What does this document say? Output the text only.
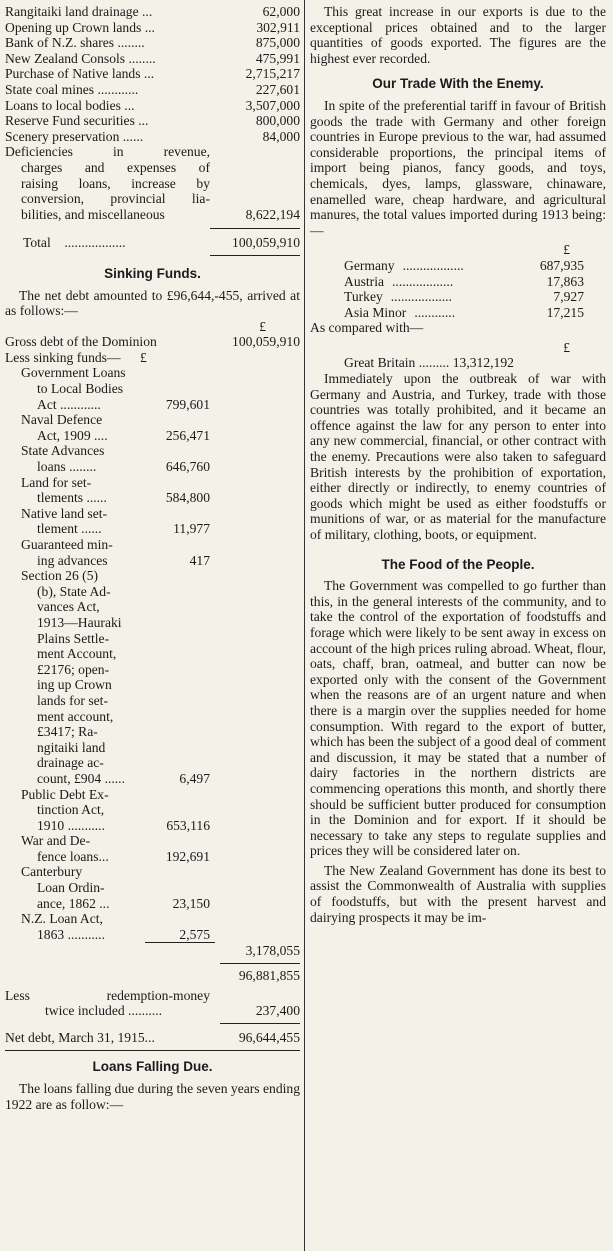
Rangitaiki land drainage ...	62,000
Opening up Crown lands ...	302,911
Bank of N.Z. shares ........	875,000
New Zealand Consols ........	475,991
Purchase of Native lands ...	2,715,217
State coal mines ............	227,601
Loans to local bodies ...	3,507,000
Reserve Fund securities ...	800,000
Scenery preservation ......	84,000
Deficiencies in revenue,
charges and expenses of
raising loans, increase by
conversion, provincial lia-
bilities, and miscellaneous	8,622,194
Total ..................	100,059,910
Sinking Funds.

The net debt amounted to £96,644,-455, arrived at as follows:—

£
Gross debt of the Dominion	100,059,910
Less sinking funds— £
Government Loans
to Local Bodies
Act ............	799,601
Naval Defence
Act, 1909 ....	256,471
State Advances
loans ........	646,760
Land for set-
tlements ......	584,800
Native land set-
tlement ......	11,977
Guaranteed min-
ing advances	417
Section 26 (5)
(b), State Ad-
vances Act,
1913—Hauraki
Plains Settle-
ment Account,
£2176; open-
ing up Crown
lands for set-
ment account,
£3417; Ra-
ngitaiki land
drainage ac-
count, £904 ......	6,497
Public Debt Ex-
tinction Act,
1910 ...........	653,116
War and De-
fence loans...	192,691
Canterbury
Loan Ordin-
ance, 1862 ...	23,150
N.Z. Loan Act,
1863 ...........	2,575
3,178,055
96,881,855
Less redemption-money
twice included ..........	237,400
Net debt, March 31, 1915...	96,644,455
Loans Falling Due.

The loans falling due during the seven years ending 1922 are as follow:—

This great increase in our exports is due to the exceptional prices obtained and to the larger quantities of goods exported. The figures are the highest ever recorded.

Our Trade With the Enemy.

In spite of the preferential tariff in favour of British goods the trade with Germany and other foreign countries in Europe previous to the war, had assumed considerable proportions, the principal items of import being pianos, fancy goods, and toys, chemicals, dyes, lamps, glassware, chinaware, enamelled ware, cheap hardware, and agricultural manures, the total values imported during 1913 being:—

£
Germany ..................	687,935
Austria ..................	17,863
Turkey ..................	7,927
Asia Minor ............	17,215
As compared with—
£
Great Britain ......... 13,312,192

Immediately upon the outbreak of war with Germany and Austria, and Turkey, trade with those countries was totally prohibited, and it became an offence against the law for any person to enter into any new commercial, financial, or other contract with the enemy. Precautions were also taken to safeguard British interests by the prohibition of exportation, either directly or indirectly, to enemy countries of goods which might be used as either foodstuffs or munitions of war, or as material for the manufacture of military, clothing, boots, or equipment.

The Food of the People.

The Government was compelled to go further than this, in the general interests of the community, and to take the control of the exportation of foodstuffs and forage which were likely to be sent away in excess on account of the high prices ruling abroad. Wheat, flour, oats, chaff, bran, oatmeal, and butter can now be exported only with the consent of the Government when the reasons are of an urgent nature and when there is a margin over the supplies needed for home consumption. With regard to the export of butter, which has been the subject of a good deal of comment and discussion, it may be stated that a number of dairy factories in the northern districts are commencing operations this month, and shortly there should be sufficient butter produced for consumption in the Dominion and for export. If it should be necessary to take any steps to regulate supplies and prices they will be considered later on.

The New Zealand Government has done its best to assist the Commonwealth of Australia with supplies of foodstuffs, but with the present harvest and dairying prospects it may be im-
